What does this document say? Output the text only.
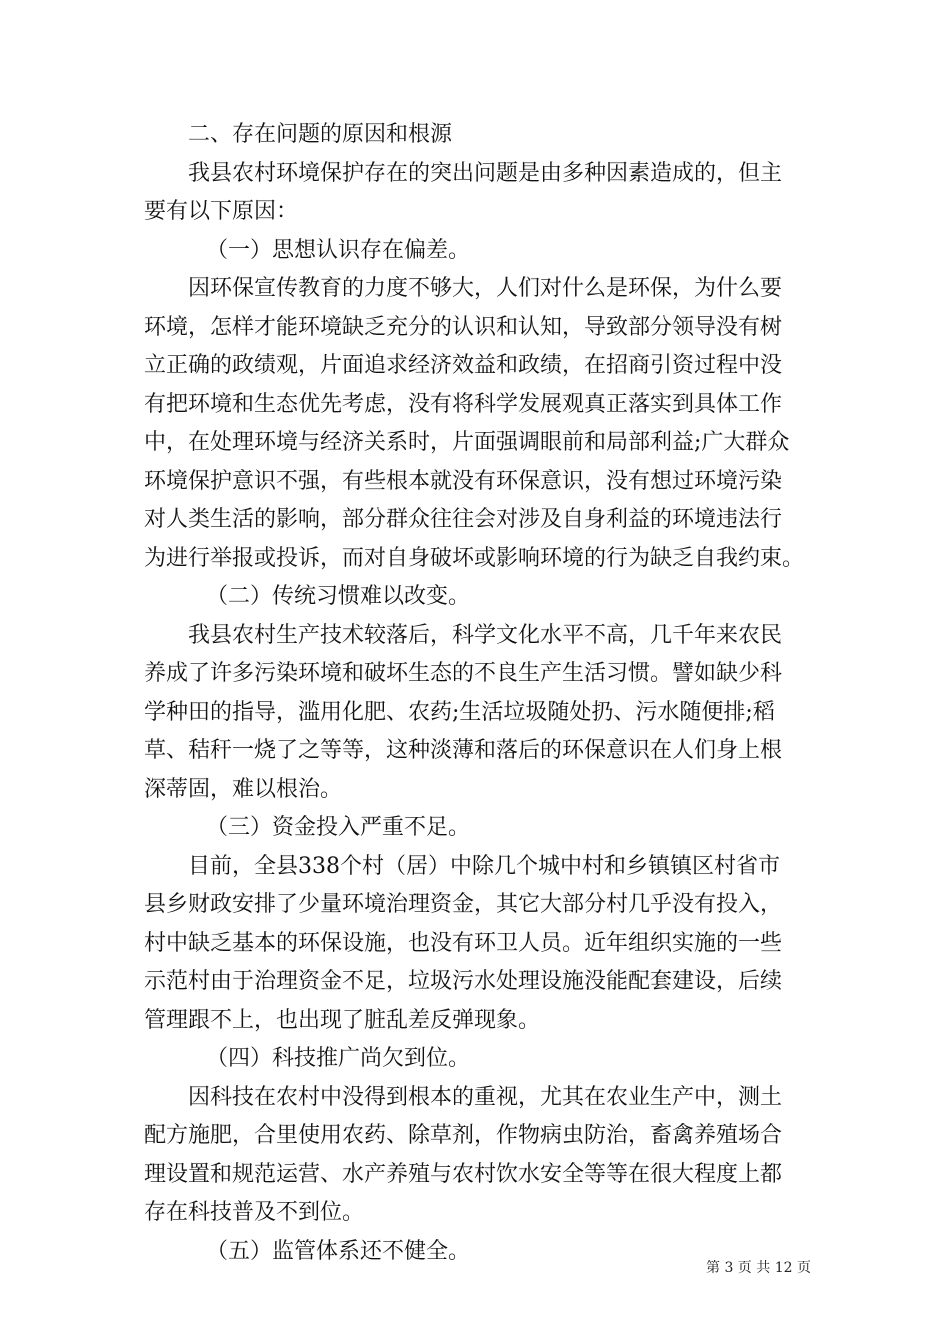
二、存在问题的原因和根源

我县农村环境保护存在的突出问题是由多种因素造成的，但主

要有以下原因：

（一）思想认识存在偏差。

因环保宣传教育的力度不够大，人们对什么是环保，为什么要

环境，怎样才能环境缺乏充分的认识和认知，导致部分领导没有树

立正确的政绩观，片面追求经济效益和政绩，在招商引资过程中没

有把环境和生态优先考虑，没有将科学发展观真正落实到具体工作

中，在处理环境与经济关系时，片面强调眼前和局部利益;广大群众

环境保护意识不强，有些根本就没有环保意识，没有想过环境污染

对人类生活的影响，部分群众往往会对涉及自身利益的环境违法行

为进行举报或投诉，而对自身破坏或影响环境的行为缺乏自我约束。

（二）传统习惯难以改变。

我县农村生产技术较落后，科学文化水平不高，几千年来农民

养成了许多污染环境和破坏生态的不良生产生活习惯。譬如缺少科

学种田的指导，滥用化肥、农药;生活垃圾随处扔、污水随便排;稻

草、秸秆一烧了之等等，这种淡薄和落后的环保意识在人们身上根

深蒂固，难以根治。

（三）资金投入严重不足。

目前，全县338个村（居）中除几个城中村和乡镇镇区村省市

县乡财政安排了少量环境治理资金，其它大部分村几乎没有投入，

村中缺乏基本的环保设施，也没有环卫人员。近年组织实施的一些

示范村由于治理资金不足，垃圾污水处理设施没能配套建设，后续

管理跟不上，也出现了脏乱差反弹现象。

（四）科技推广尚欠到位。

因科技在农村中没得到根本的重视，尤其在农业生产中，测土

配方施肥，合里使用农药、除草剂，作物病虫防治，畜禽养殖场合

理设置和规范运营、水产养殖与农村饮水安全等等在很大程度上都

存在科技普及不到位。

（五）监管体系还不健全。

第 3 页 共 12 页
